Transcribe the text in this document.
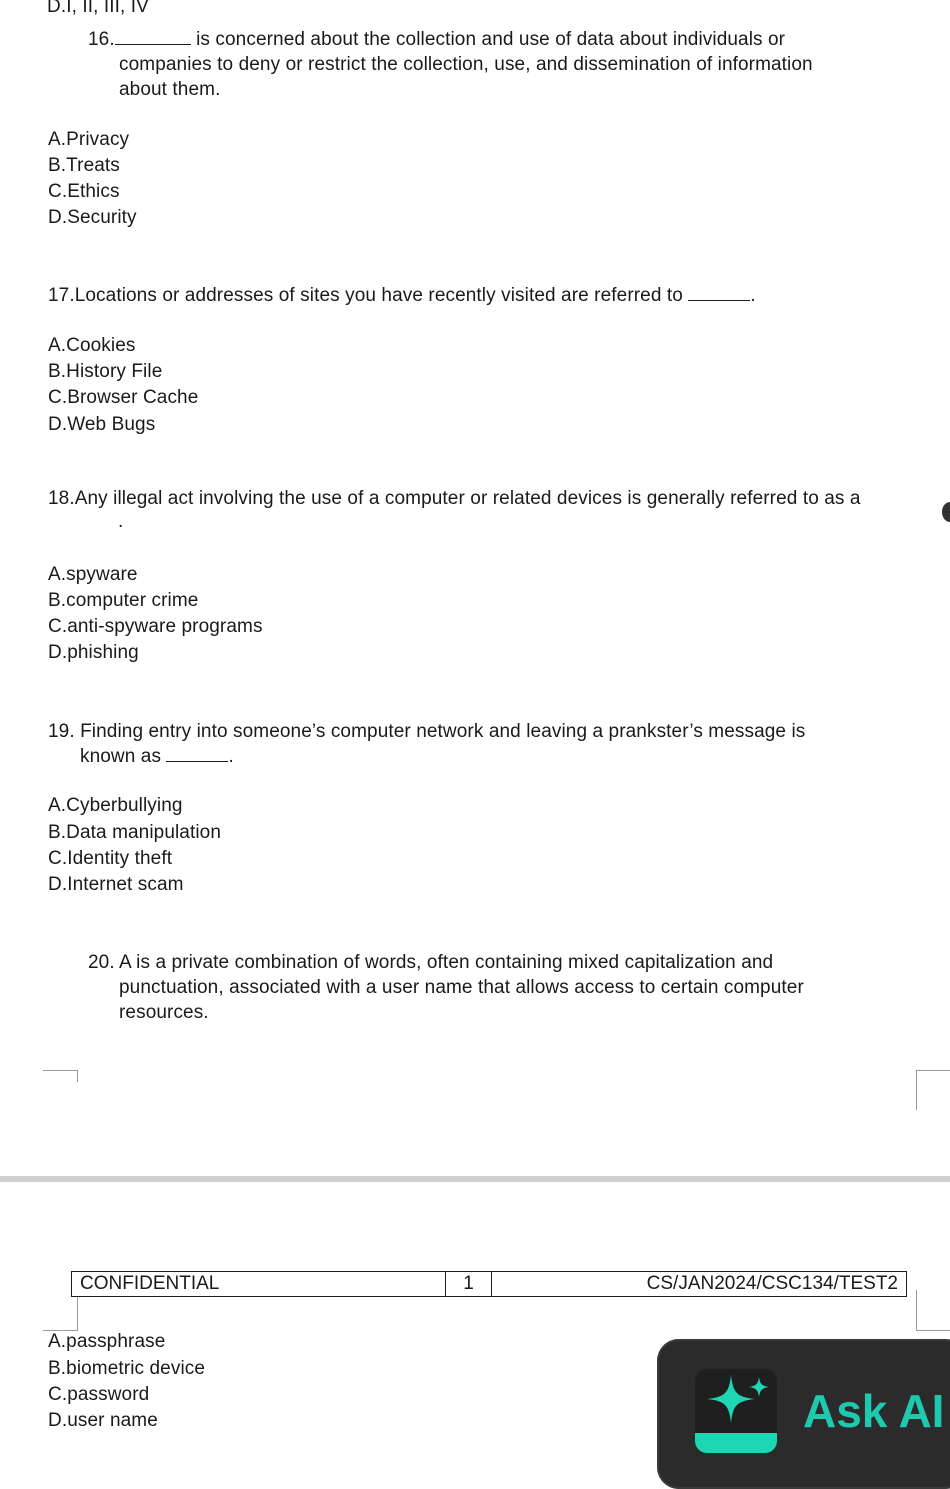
D.I, II, III, IV
16.	is concerned about the collection and use of data about individuals or
companies to deny or restrict the collection, use, and dissemination of information
about them.
A.Privacy
B.Treats
C.Ethics
D.Security
17.Locations or addresses of sites you have recently visited are referred to	.
A.Cookies
B.History File
C.Browser Cache
D.Web Bugs
18.Any illegal act involving the use of a computer or related devices is generally referred to as a
.
A.spyware
B.computer crime
C.anti-spyware programs
D.phishing
19. Finding entry into someone’s computer network and leaving a prankster’s message is
known as	.
A.Cyberbullying
B.Data manipulation
C.Identity theft
D.Internet scam
20. A is a private combination of words, often containing mixed capitalization and
punctuation, associated with a user name that allows access to certain computer
resources.
CONFIDENTIAL	1	CS/JAN2024/CSC134/TEST2
A.passphrase
B.biometric device
C.password
D.user name	Ask AI
